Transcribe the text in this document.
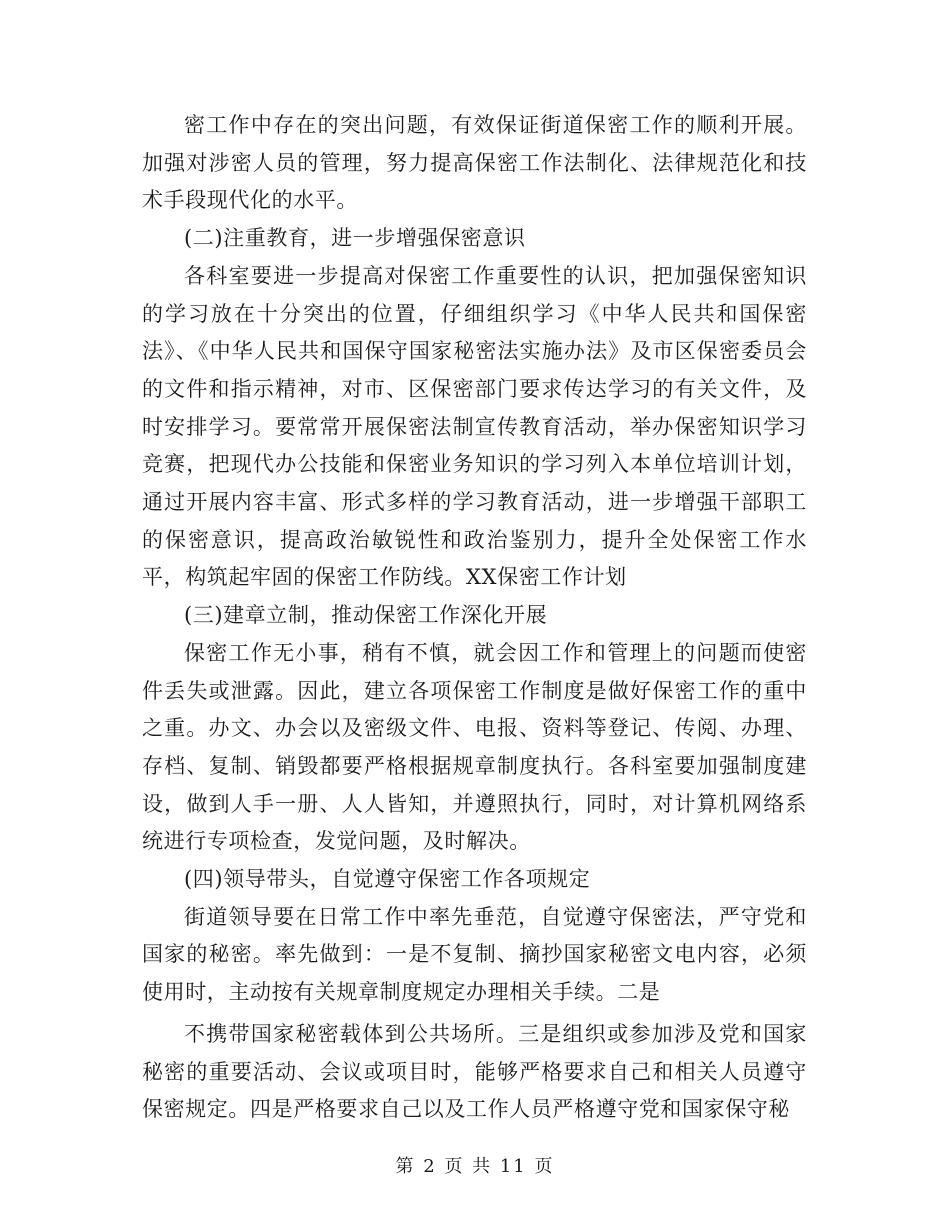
密工作中存在的突出问题，有效保证街道保密工作的顺利开展。加强对涉密人员的管理，努力提高保密工作法制化、法律规范化和技术手段现代化的水平。

(二)注重教育，进一步增强保密意识

各科室要进一步提高对保密工作重要性的认识，把加强保密知识的学习放在十分突出的位置，仔细组织学习《中华人民共和国保密法》、《中华人民共和国保守国家秘密法实施办法》及市区保密委员会的文件和指示精神，对市、区保密部门要求传达学习的有关文件，及时安排学习。要常常开展保密法制宣传教育活动，举办保密知识学习竞赛，把现代办公技能和保密业务知识的学习列入本单位培训计划，通过开展内容丰富、形式多样的学习教育活动，进一步增强干部职工的保密意识，提高政治敏锐性和政治鉴别力，提升全处保密工作水平，构筑起牢固的保密工作防线。XX保密工作计划

(三)建章立制，推动保密工作深化开展

保密工作无小事，稍有不慎，就会因工作和管理上的问题而使密件丢失或泄露。因此，建立各项保密工作制度是做好保密工作的重中之重。办文、办会以及密级文件、电报、资料等登记、传阅、办理、存档、复制、销毁都要严格根据规章制度执行。各科室要加强制度建设，做到人手一册、人人皆知，并遵照执行，同时，对计算机网络系统进行专项检查，发觉问题，及时解决。

(四)领导带头，自觉遵守保密工作各项规定

街道领导要在日常工作中率先垂范，自觉遵守保密法，严守党和国家的秘密。率先做到：一是不复制、摘抄国家秘密文电内容，必须使用时，主动按有关规章制度规定办理相关手续。二是

不携带国家秘密载体到公共场所。三是组织或参加涉及党和国家秘密的重要活动、会议或项目时，能够严格要求自己和相关人员遵守保密规定。四是严格要求自己以及工作人员严格遵守党和国家保守秘

第 2 页 共 11 页
